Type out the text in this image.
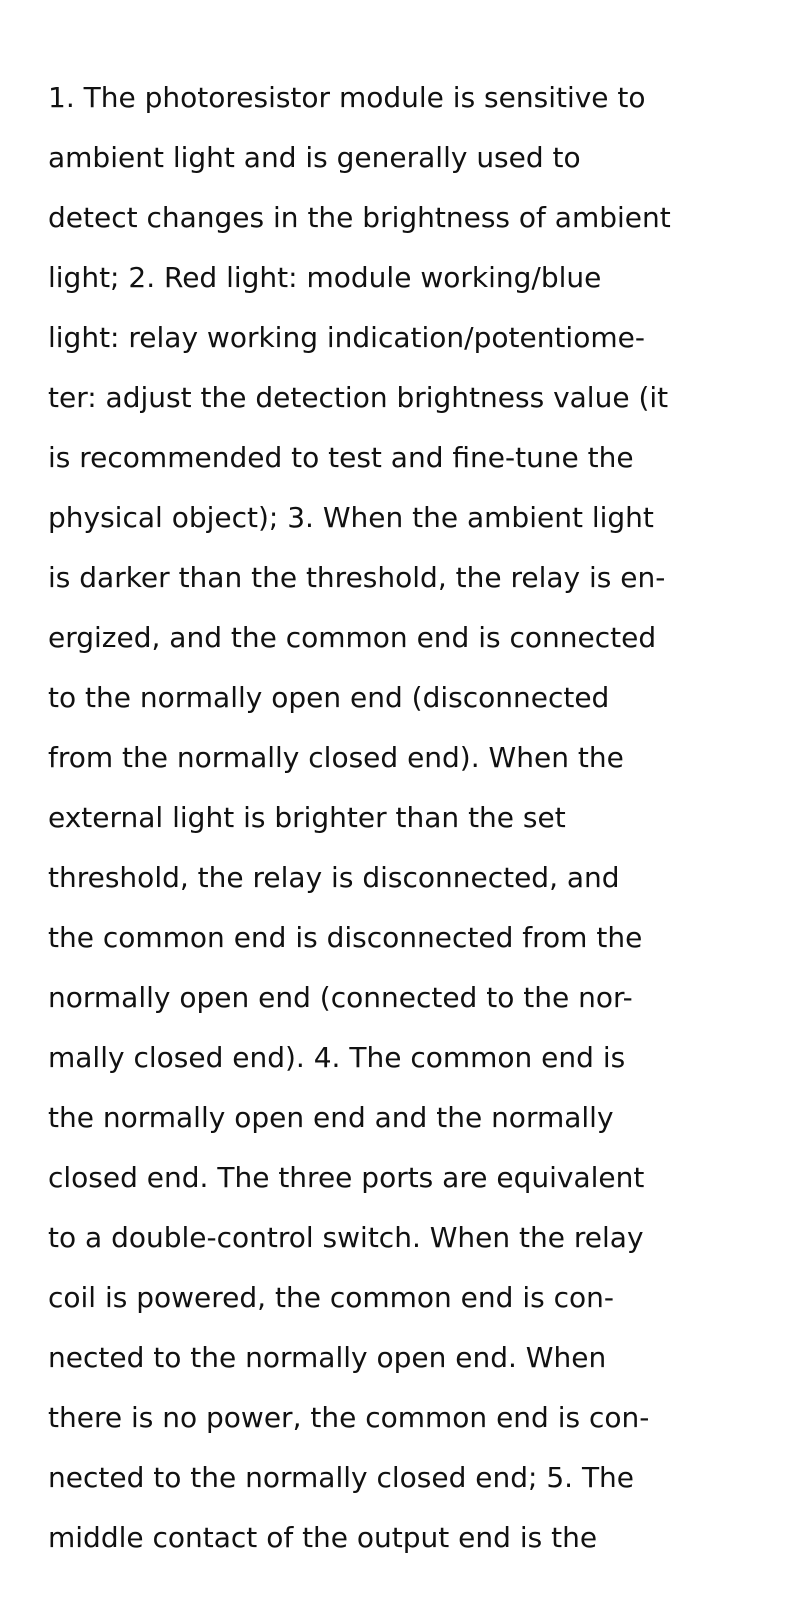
1. The photoresistor module is sensitive to
ambient light and is generally used to
detect changes in the brightness of ambient
light; 2. Red light: module working/blue
light: relay working indication/potentiome-
ter: adjust the detection brightness value (it
is recommended to test and fine-tune the
physical object); 3. When the ambient light
is darker than the threshold, the relay is en-
ergized, and the common end is connected
to the normally open end (disconnected
from the normally closed end). When the
external light is brighter than the set
threshold, the relay is disconnected, and
the common end is disconnected from the
normally open end (connected to the nor-
mally closed end). 4. The common end is
the normally open end and the normally
closed end. The three ports are equivalent
to a double-control switch. When the relay
coil is powered, the common end is con-
nected to the normally open end. When
there is no power, the common end is con-
nected to the normally closed end; 5. The
middle contact of the output end is the
